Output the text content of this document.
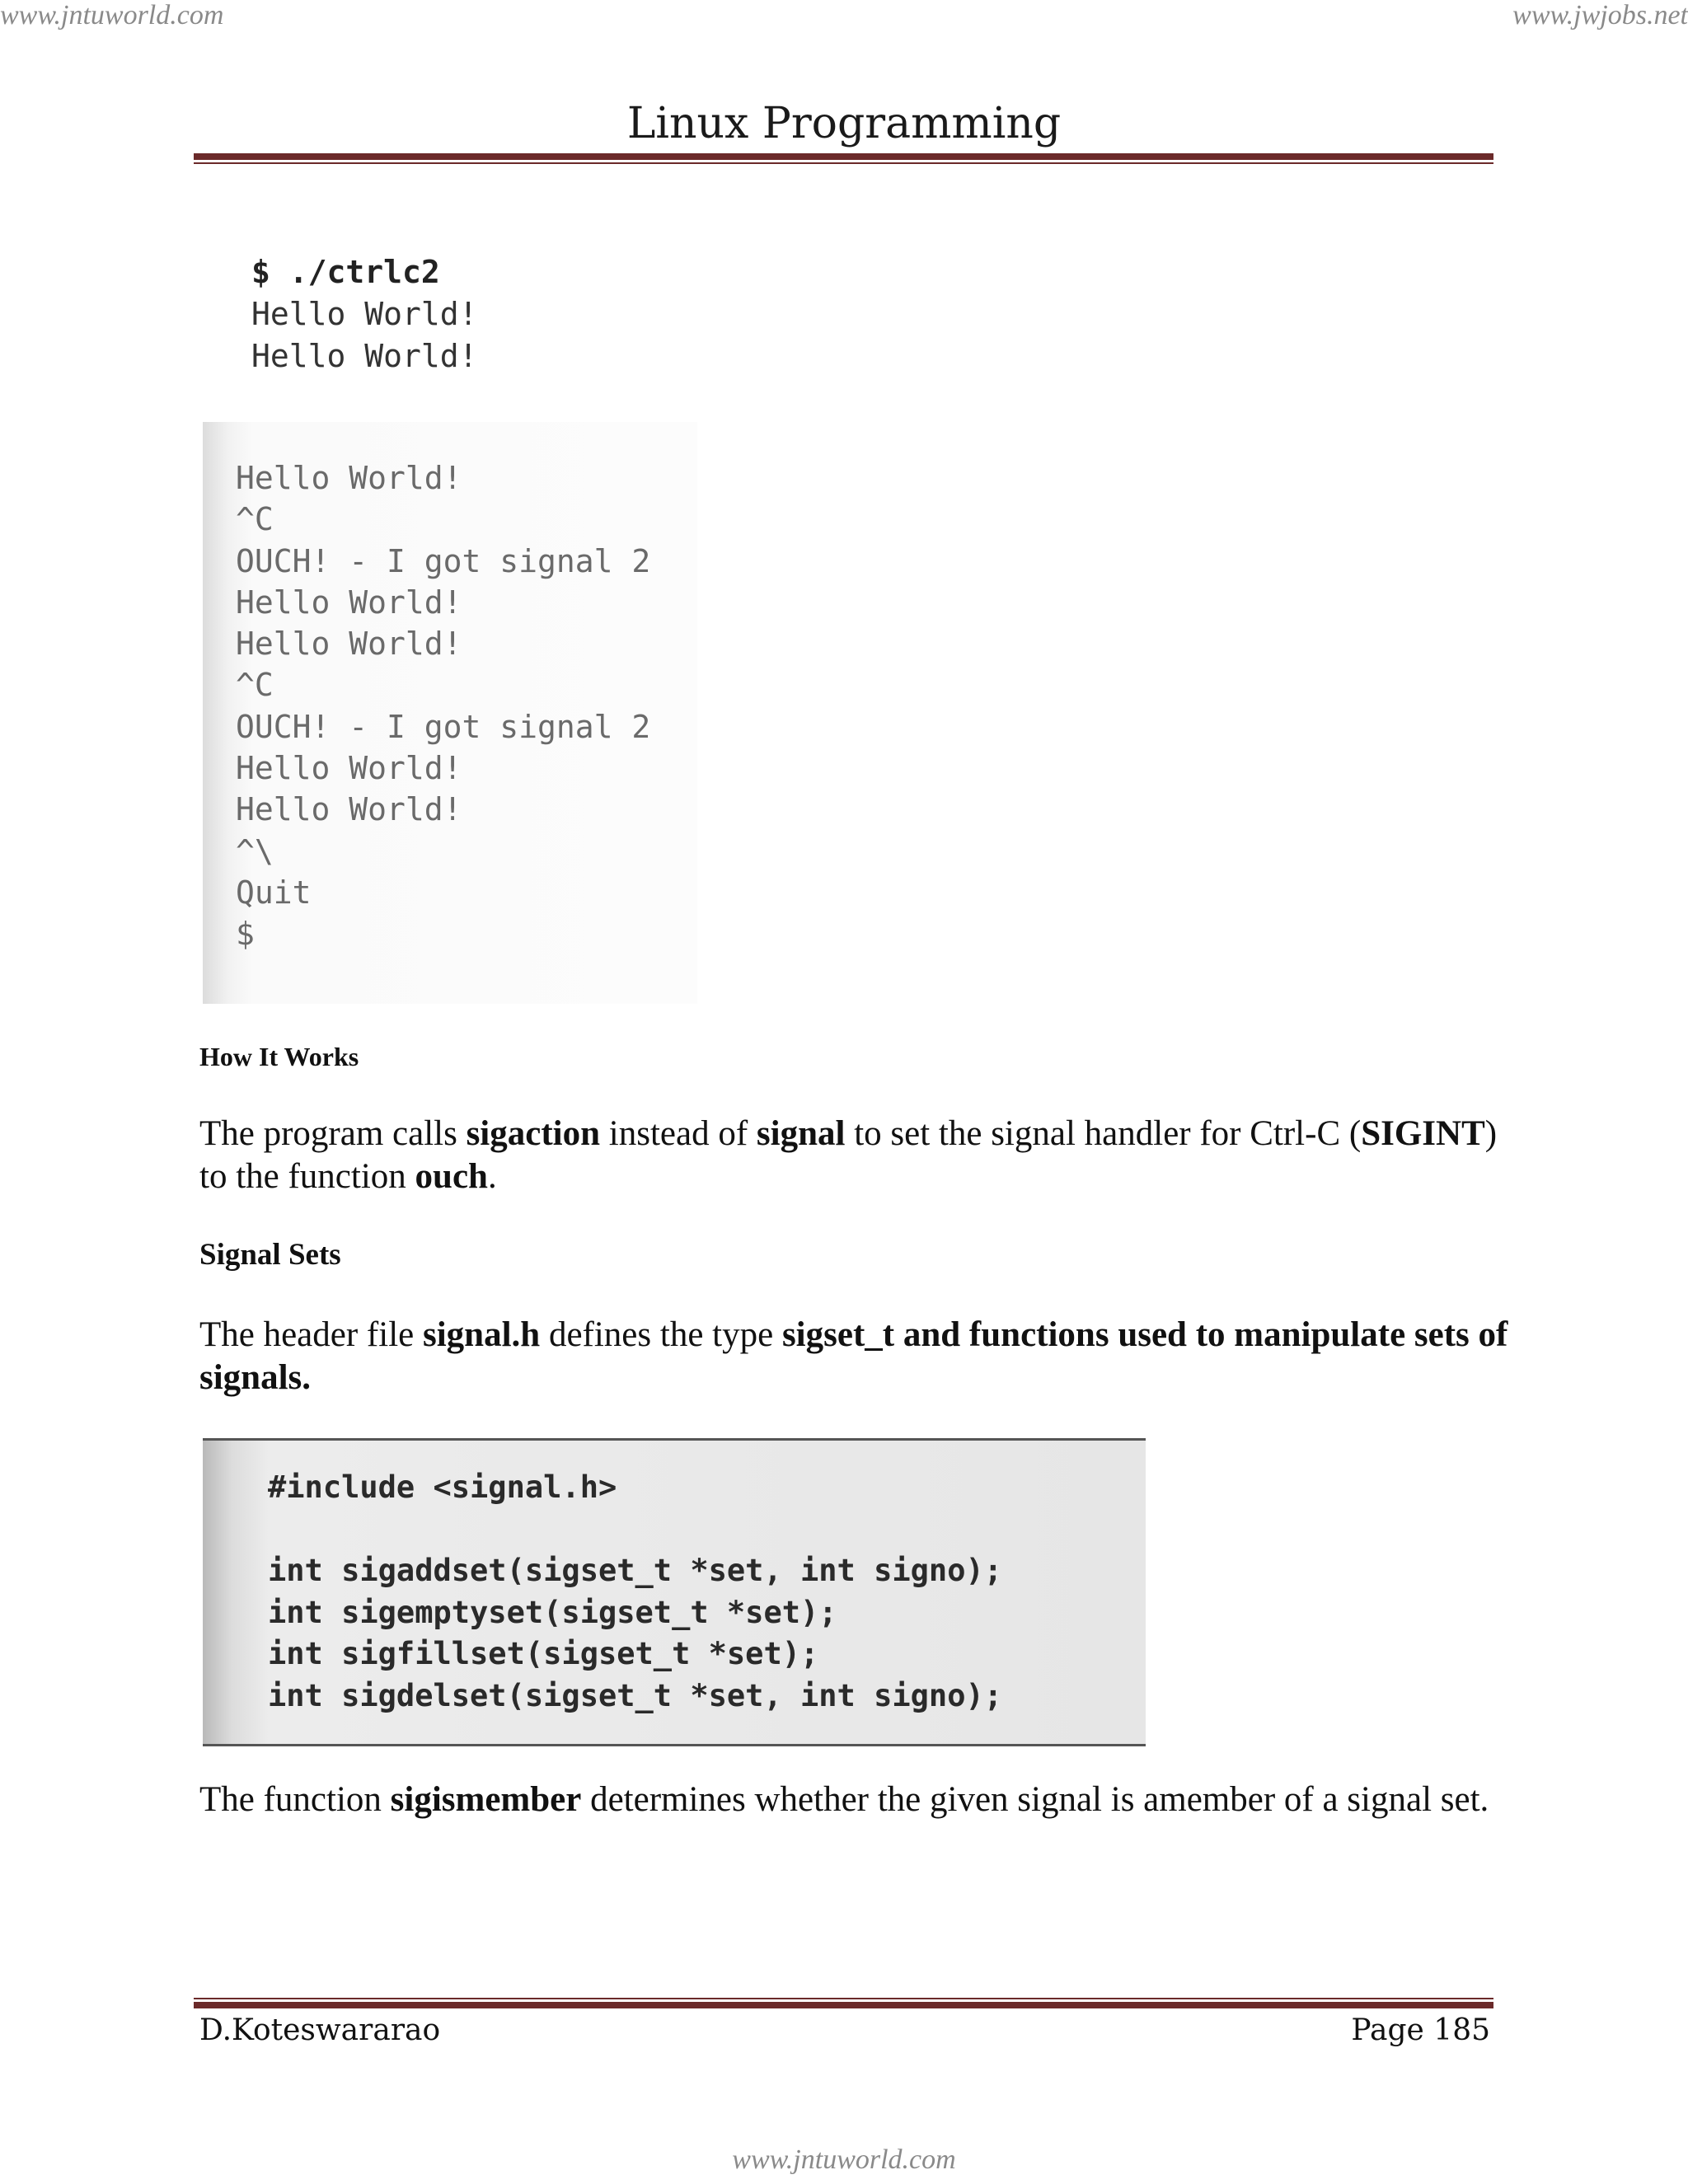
www.jntuworld.com	www.jwjobs.net
Linux Programming
$ ./ctrlc2
Hello World!
Hello World!
Hello World!
^C
OUCH! - I got signal 2
Hello World!
Hello World!
^C
OUCH! - I got signal 2
Hello World!
Hello World!
^\
Quit
$
How It Works
The program calls sigaction instead of signal to set the signal handler for Ctrl-C (SIGINT) to the function ouch.
Signal Sets
The header file signal.h defines the type sigset_t and functions used to manipulate sets of signals.
#include <signal.h>
int sigaddset(sigset_t *set, int signo);
int sigemptyset(sigset_t *set);
int sigfillset(sigset_t *set);
int sigdelset(sigset_t *set, int signo);
The function sigismember determines whether the given signal is amember of a signal set.
D.Koteswararao	Page 185
www.jntuworld.com
